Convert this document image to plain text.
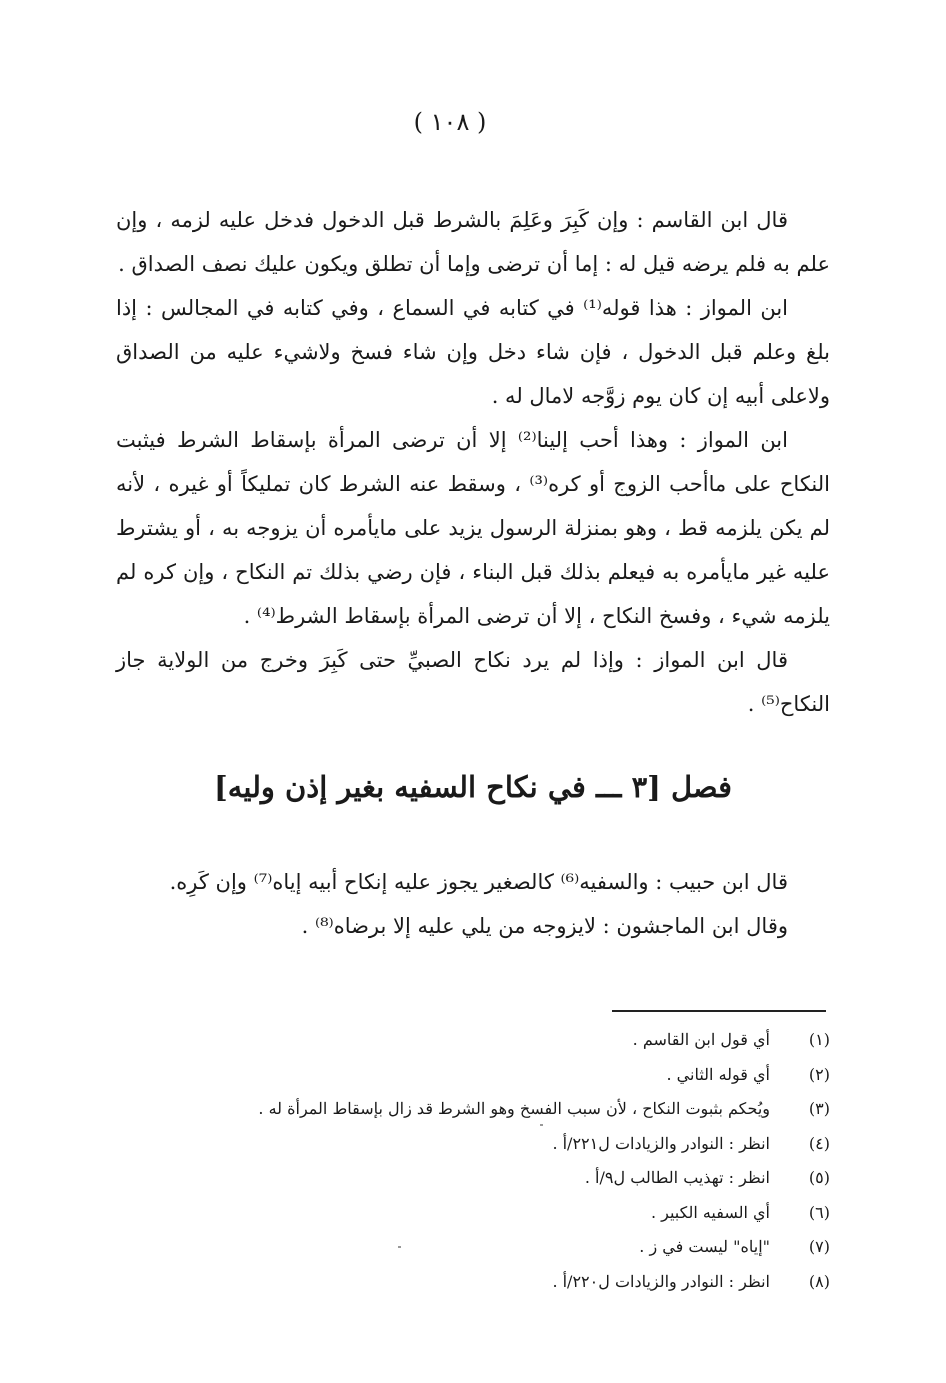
( ١٠٨ )

قال ابن القاسم : وإن كَبِرَ وعَلِمَ بالشرط قبل الدخول فدخل عليه لزمه ، وإن علم به فلم يرضه قيل له : إما أن ترضى وإما أن تطلق ويكون عليك نصف الصداق .

ابن المواز : هذا قوله⁽¹⁾ في كتابه في السماع ، وفي كتابه في المجالس : إذا بلغ وعلم قبل الدخول ، فإن شاء دخل وإن شاء فسخ ولاشيء عليه من الصداق ولاعلى أبيه إن كان يوم زوَّجه لامال له .

ابن المواز : وهذا أحب إلينا⁽²⁾ إلا أن ترضى المرأة بإسقاط الشرط فيثبت النكاح على ماأحب الزوج أو كره⁽³⁾ ، وسقط عنه الشرط كان تمليكاً أو غيره ، لأنه لم يكن يلزمه قط ، وهو بمنزلة الرسول يزيد على مايأمره أن يزوجه به ، أو يشترط عليه غير مايأمره به فيعلم بذلك قبل البناء ، فإن رضي بذلك تم النكاح ، وإن كره لم يلزمه شيء ، وفسخ النكاح ، إلا أن ترضى المرأة بإسقاط الشرط⁽⁴⁾ .

قال ابن المواز : وإذا لم يرد نكاح الصبيِّ حتى كَبِرَ وخرج من الولاية جاز النكاح⁽⁵⁾ .

فصل [٣ ـــ في نكاح السفيه بغير إذن وليه]

قال ابن حبيب : والسفيه⁽⁶⁾ كالصغير يجوز عليه إنكاح أبيه إياه⁽⁷⁾ وإن كَرِه.

وقال ابن الماجشون : لايزوجه من يلي عليه إلا برضاه⁽⁸⁾ .

(١)
أي قول ابن القاسم .
(٢)
أي قوله الثاني .
(٣)
ويُحكم بثبوت النكاح ، لأن سبب الفسخ وهو الشرط قد زال بإسقاط المرأة له .
(٤)
انظر : النوادر والزيادات ل٢٢١/أ .
(٥)
انظر : تهذيب الطالب ل٩/أ .
(٦)
أي السفيه الكبير .
(٧)
"إياه" ليست في ز .
(٨)
انظر : النوادر والزيادات ل٢٢٠/أ .
